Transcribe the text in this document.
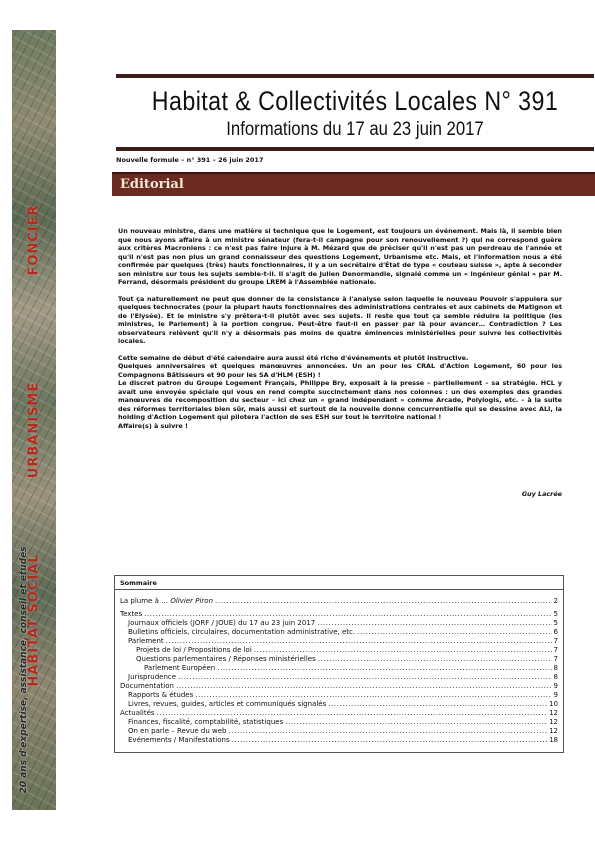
FONCIER
URBANISME
HABITAT SOCIAL
20 ans d'expertise, assistance, conseil et études
Habitat & Collectivités Locales N° 391
Informations du 17 au 23 juin 2017
Nouvelle formule – n° 391 – 26 juin 2017
Editorial

Un nouveau ministre, dans une matière si technique que le Logement, est toujours un événement. Mais là, il semble bien que nous ayons affaire à un ministre sénateur (fera-t-il campagne pour son renouvellement ?) qui ne correspond guère aux critères Macroniens : ce n'est pas faire injure à M. Mézard que de préciser qu'il n'est pas un perdreau de l'année et qu'il n'est pas non plus un grand connaisseur des questions Logement, Urbanisme etc. Mais, et l'information nous a été confirmée par quelques (très) hauts fonctionnaires, il y a un secrétaire d'État de type « couteau suisse », apte à seconder son ministre sur tous les sujets semble-t-il. Il s'agit de Julien Denormandie, signalé comme un « ingénieur génial » par M. Ferrand, désormais président du groupe LREM à l'Assemblée nationale.

Tout ça naturellement ne peut que donner de la consistance à l'analyse selon laquelle le nouveau Pouvoir s'appuiera sur quelques technocrates (pour la plupart hauts fonctionnaires des administrations centrales et aux cabinets de Matignon et de l'Elysée). Et le ministre s'y prêtera-t-il plutôt avec ses sujets. Il reste que tout ça semble réduire la politique (les ministres, le Parlement) à la portion congrue. Peut-être faut-il en passer par là pour avancer… Contradiction ? Les observateurs relèvent qu'il n'y a désormais pas moins de quatre éminences ministérielles pour suivre les collectivités locales.

Cette semaine de début d'été calendaire aura aussi été riche d'événements et plutôt instructive.

Quelques anniversaires et quelques manœuvres annoncées. Un an pour les CRAL d'Action Logement, 60 pour les Compagnons Bâtisseurs et 90 pour les SA d'HLM (ESH) !

Le discret patron du Groupe Logement Français, Philippe Bry, exposait à la presse – partiellement – sa stratégie. HCL y avait une envoyée spéciale qui vous en rend compte succinctement dans nos colonnes : un des exemples des grandes manœuvres de recomposition du secteur – ici chez un « grand indépendant » comme Arcade, Polylogis, etc. – à la suite des réformes territoriales bien sûr, mais aussi et surtout de la nouvelle donne concurrentielle qui se dessine avec ALI, la holding d'Action Logement qui pilotera l'action de ses ESH sur tout le territoire national !

Affaire(s) à suivre !

Guy Lacrée
Sommaire
La plume à … Olivier Piron . . .	2
Textes . . .	5
Journaux officiels (JORF / JOUE) du 17 au 23 juin 2017 . . .	5
Bulletins officiels, circulaires, documentation administrative, etc. . . .	6
Parlement . . .	7
Projets de loi / Propositions de loi . . .	7
Questions parlementaires / Réponses ministérielles . . .	7
Parlement Européen . . .	8
Jurisprudence . . .	8
Documentation . . .	9
Rapports & études . . .	9
Livres, revues, guides, articles et communiqués signalés . . .	10
Actualités . . .	12
Finances, fiscalité, comptabilité, statistiques . . .	12
On en parle – Revue du web . . .	12
Evénements / Manifestations . . .	18
